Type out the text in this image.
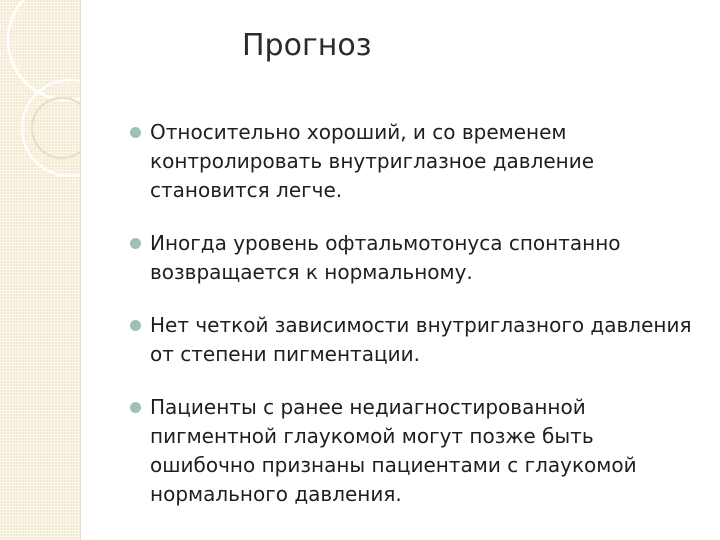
Прогноз
Относительно хороший, и со временем контролировать внутриглазное давление становится легче.
Иногда уровень офтальмотонуса спонтанно возвращается к нормальному.
Нет четкой зависимости внутриглазного давления от степени пигментации.
Пациенты с ранее недиагностированной пигментной глаукомой могут позже быть ошибочно признаны пациентами с глаукомой нормального давления.
